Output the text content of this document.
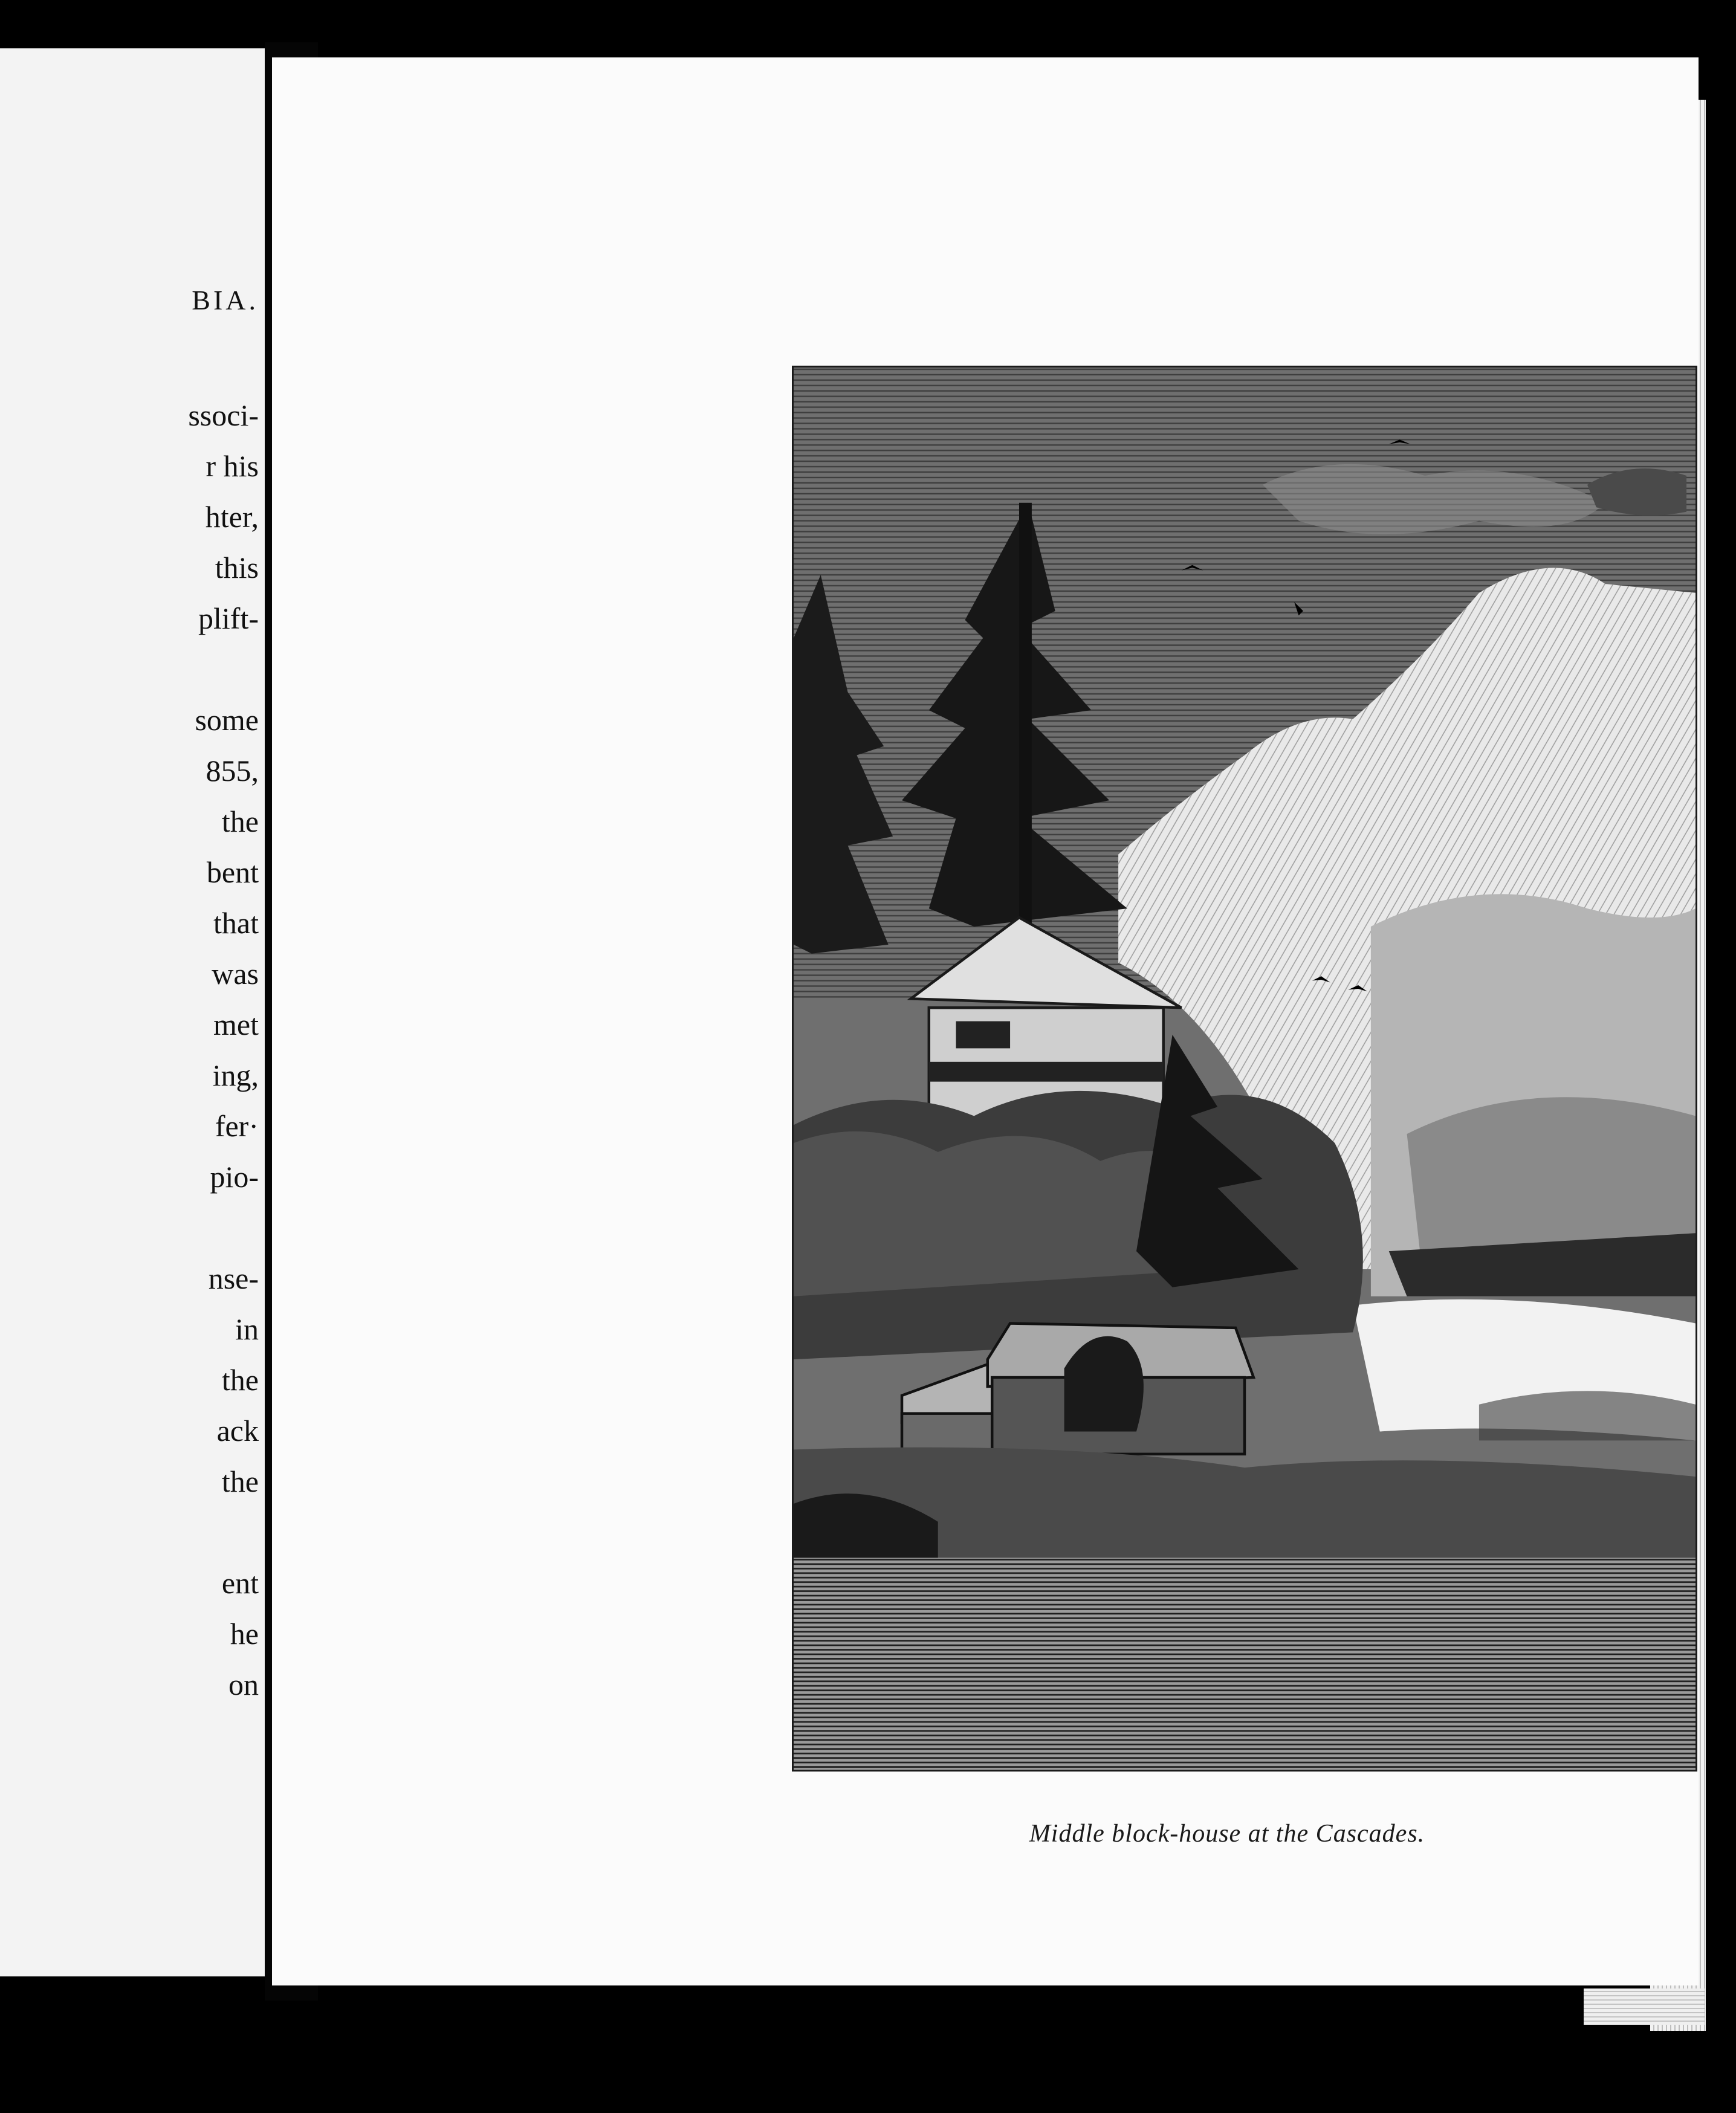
BIA.
ssoci-
r his
hter,
this
plift-
some
855,
the
bent
that
was
met
ing,
fer·
pio-
nse-
in
the
ack
the
ent
he
on
Middle block-house at the Cascades.
